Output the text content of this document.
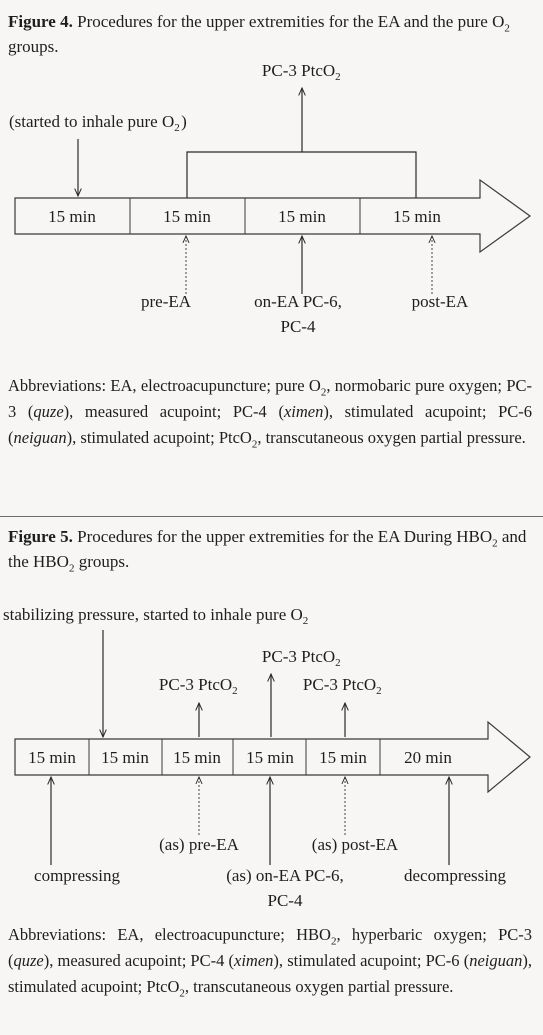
Figure 4. Procedures for the upper extremities for the EA and the pure $O_2$ groups.

15 min	15 min	15 min	15 min
PC-3 PtcO$_2$ 
(started to inhale pure $O_2$ )
pre-EA	on-EA PC-6,
PC-4
post-EA

Abbreviations: EA, electroacupuncture; pure $O_2$, normobaric pure oxygen; PC-3 (quze), measured acupoint; PC-4 (ximen), stimulated acupoint; PC-6 (neiguan), stimulated acupoint; PtcO$_2$, transcutaneous oxygen partial pressure.

Figure 5. Procedures for the upper extremities for the EA During $HBO_2$ and the $HBO_2$ groups.

stabilizing pressure, started to inhale pure $O_2$ 
PC-3 PtcO$_2$ 
PC-3 PtcO$_2$ 	PC-3 PtcO$_2$ 
15 min 15 min 15 min 15 min 15 min 20 min
(as) pre-EA	(as) post-EA
compressing	(as) on-EA PC-6,
PC-4
decompressing

Abbreviations: EA, electroacupuncture; $HBO_2$, hyperbaric oxygen; PC-3 (quze), measured acupoint; PC-4 (ximen), stimulated acupoint; PC-6 (neiguan), stimulated acupoint; PtcO$_2$, transcutaneous oxygen partial pressure.
